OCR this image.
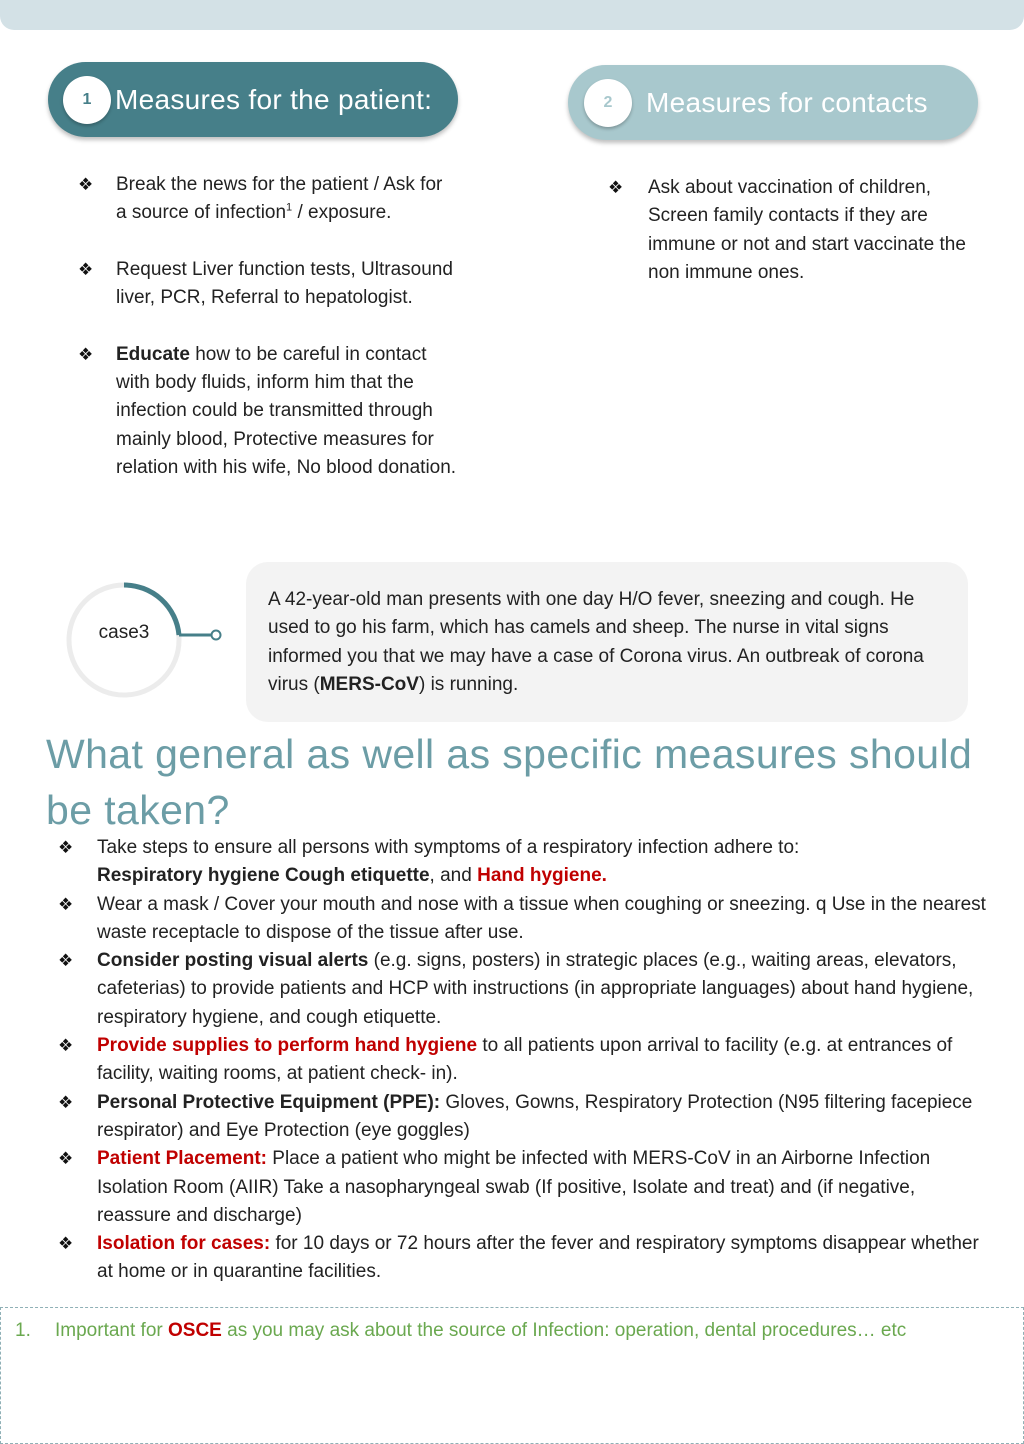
1 Measures for the patient:	2	Measures for contacts
❖ Break the news for the patient / Ask for a source of infection$^1$ / exposure.
❖ Request Liver function tests, Ultrasound liver, PCR, Referral to hepatologist.
❖ Educate how to be careful in contact with body fluids, inform him that the infection could be transmitted through mainly blood, Protective measures for relation with his wife, No blood donation.
❖ Ask about vaccination of children, Screen family contacts if they are immune or not and start vaccinate the non immune ones.
case3
A 42-year-old man presents with one day H/O fever, sneezing and cough. He used to go his farm, which has camels and sheep. The nurse in vital signs informed you that we may have a case of Corona virus. An outbreak of corona virus (MERS-CoV) is running.
What general as well as specific measures should be taken?
❖ Take steps to ensure all persons with symptoms of a respiratory infection adhere to:
Respiratory hygiene Cough etiquette, and Hand hygiene.
❖ Wear a mask / Cover your mouth and nose with a tissue when coughing or sneezing. q Use in the nearest waste receptacle to dispose of the tissue after use.
❖ Consider posting visual alerts (e.g. signs, posters) in strategic places (e.g., waiting areas, elevators, cafeterias) to provide patients and HCP with instructions (in appropriate languages) about hand hygiene, respiratory hygiene, and cough etiquette.
❖ Provide supplies to perform hand hygiene to all patients upon arrival to facility (e.g. at entrances of facility, waiting rooms, at patient check- in).
❖ Personal Protective Equipment (PPE): Gloves, Gowns, Respiratory Protection (N95 filtering facepiece respirator) and Eye Protection (eye goggles)
❖ Patient Placement: Place a patient who might be infected with MERS-CoV in an Airborne Infection Isolation Room (AIIR) Take a nasopharyngeal swab (If positive, Isolate and treat) and (if negative, reassure and discharge)
❖ Isolation for cases: for 10 days or 72 hours after the fever and respiratory symptoms disappear whether at home or in quarantine facilities.
1. Important for OSCE as you may ask about the source of Infection: operation, dental procedures… etc
